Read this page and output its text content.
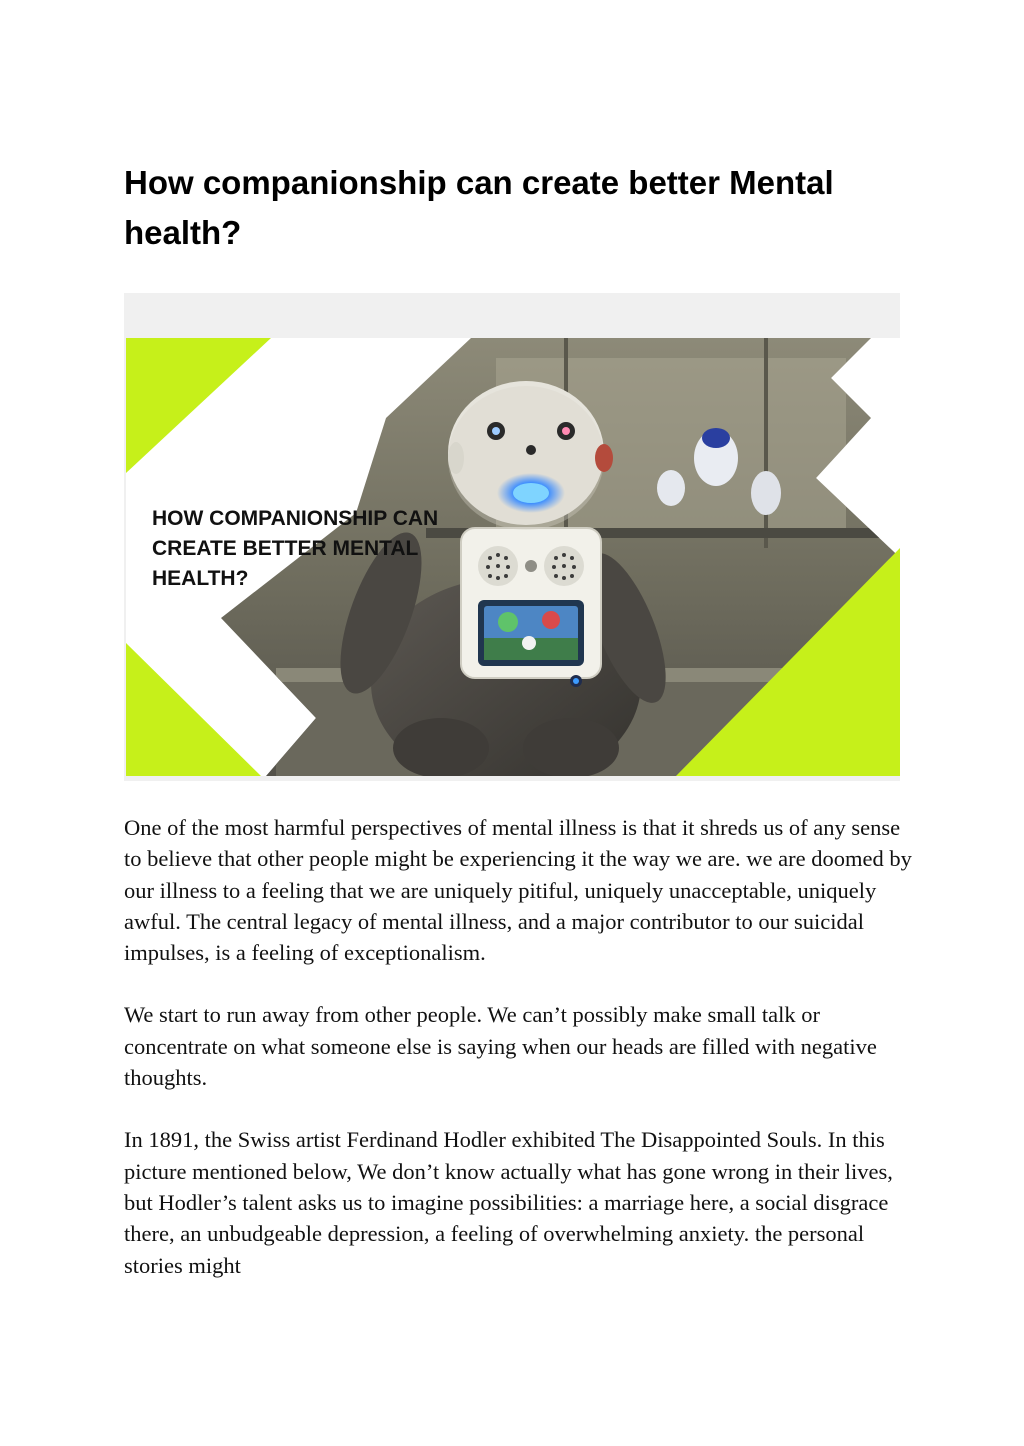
How companionship can create better Mental health?
HOW COMPANIONSHIP CAN
CREATE BETTER MENTAL
HEALTH?

One of the most harmful perspectives of mental illness is that it shreds us of any sense to believe that other people might be experiencing it the way we are. we are doomed by our illness to a feeling that we are uniquely pitiful, uniquely unacceptable, uniquely awful. The central legacy of mental illness, and a major contributor to our suicidal impulses, is a feeling of exceptionalism.

We start to run away from other people. We can’t possibly make small talk or concentrate on what someone else is saying when our heads are filled with negative thoughts.

In 1891, the Swiss artist Ferdinand Hodler exhibited The Disappointed Souls. In this picture mentioned below, We don’t know actually what has gone wrong in their lives, but Hodler’s talent asks us to imagine possibilities: a marriage here, a social disgrace there, an unbudgeable depression, a feeling of overwhelming anxiety. the personal stories might
